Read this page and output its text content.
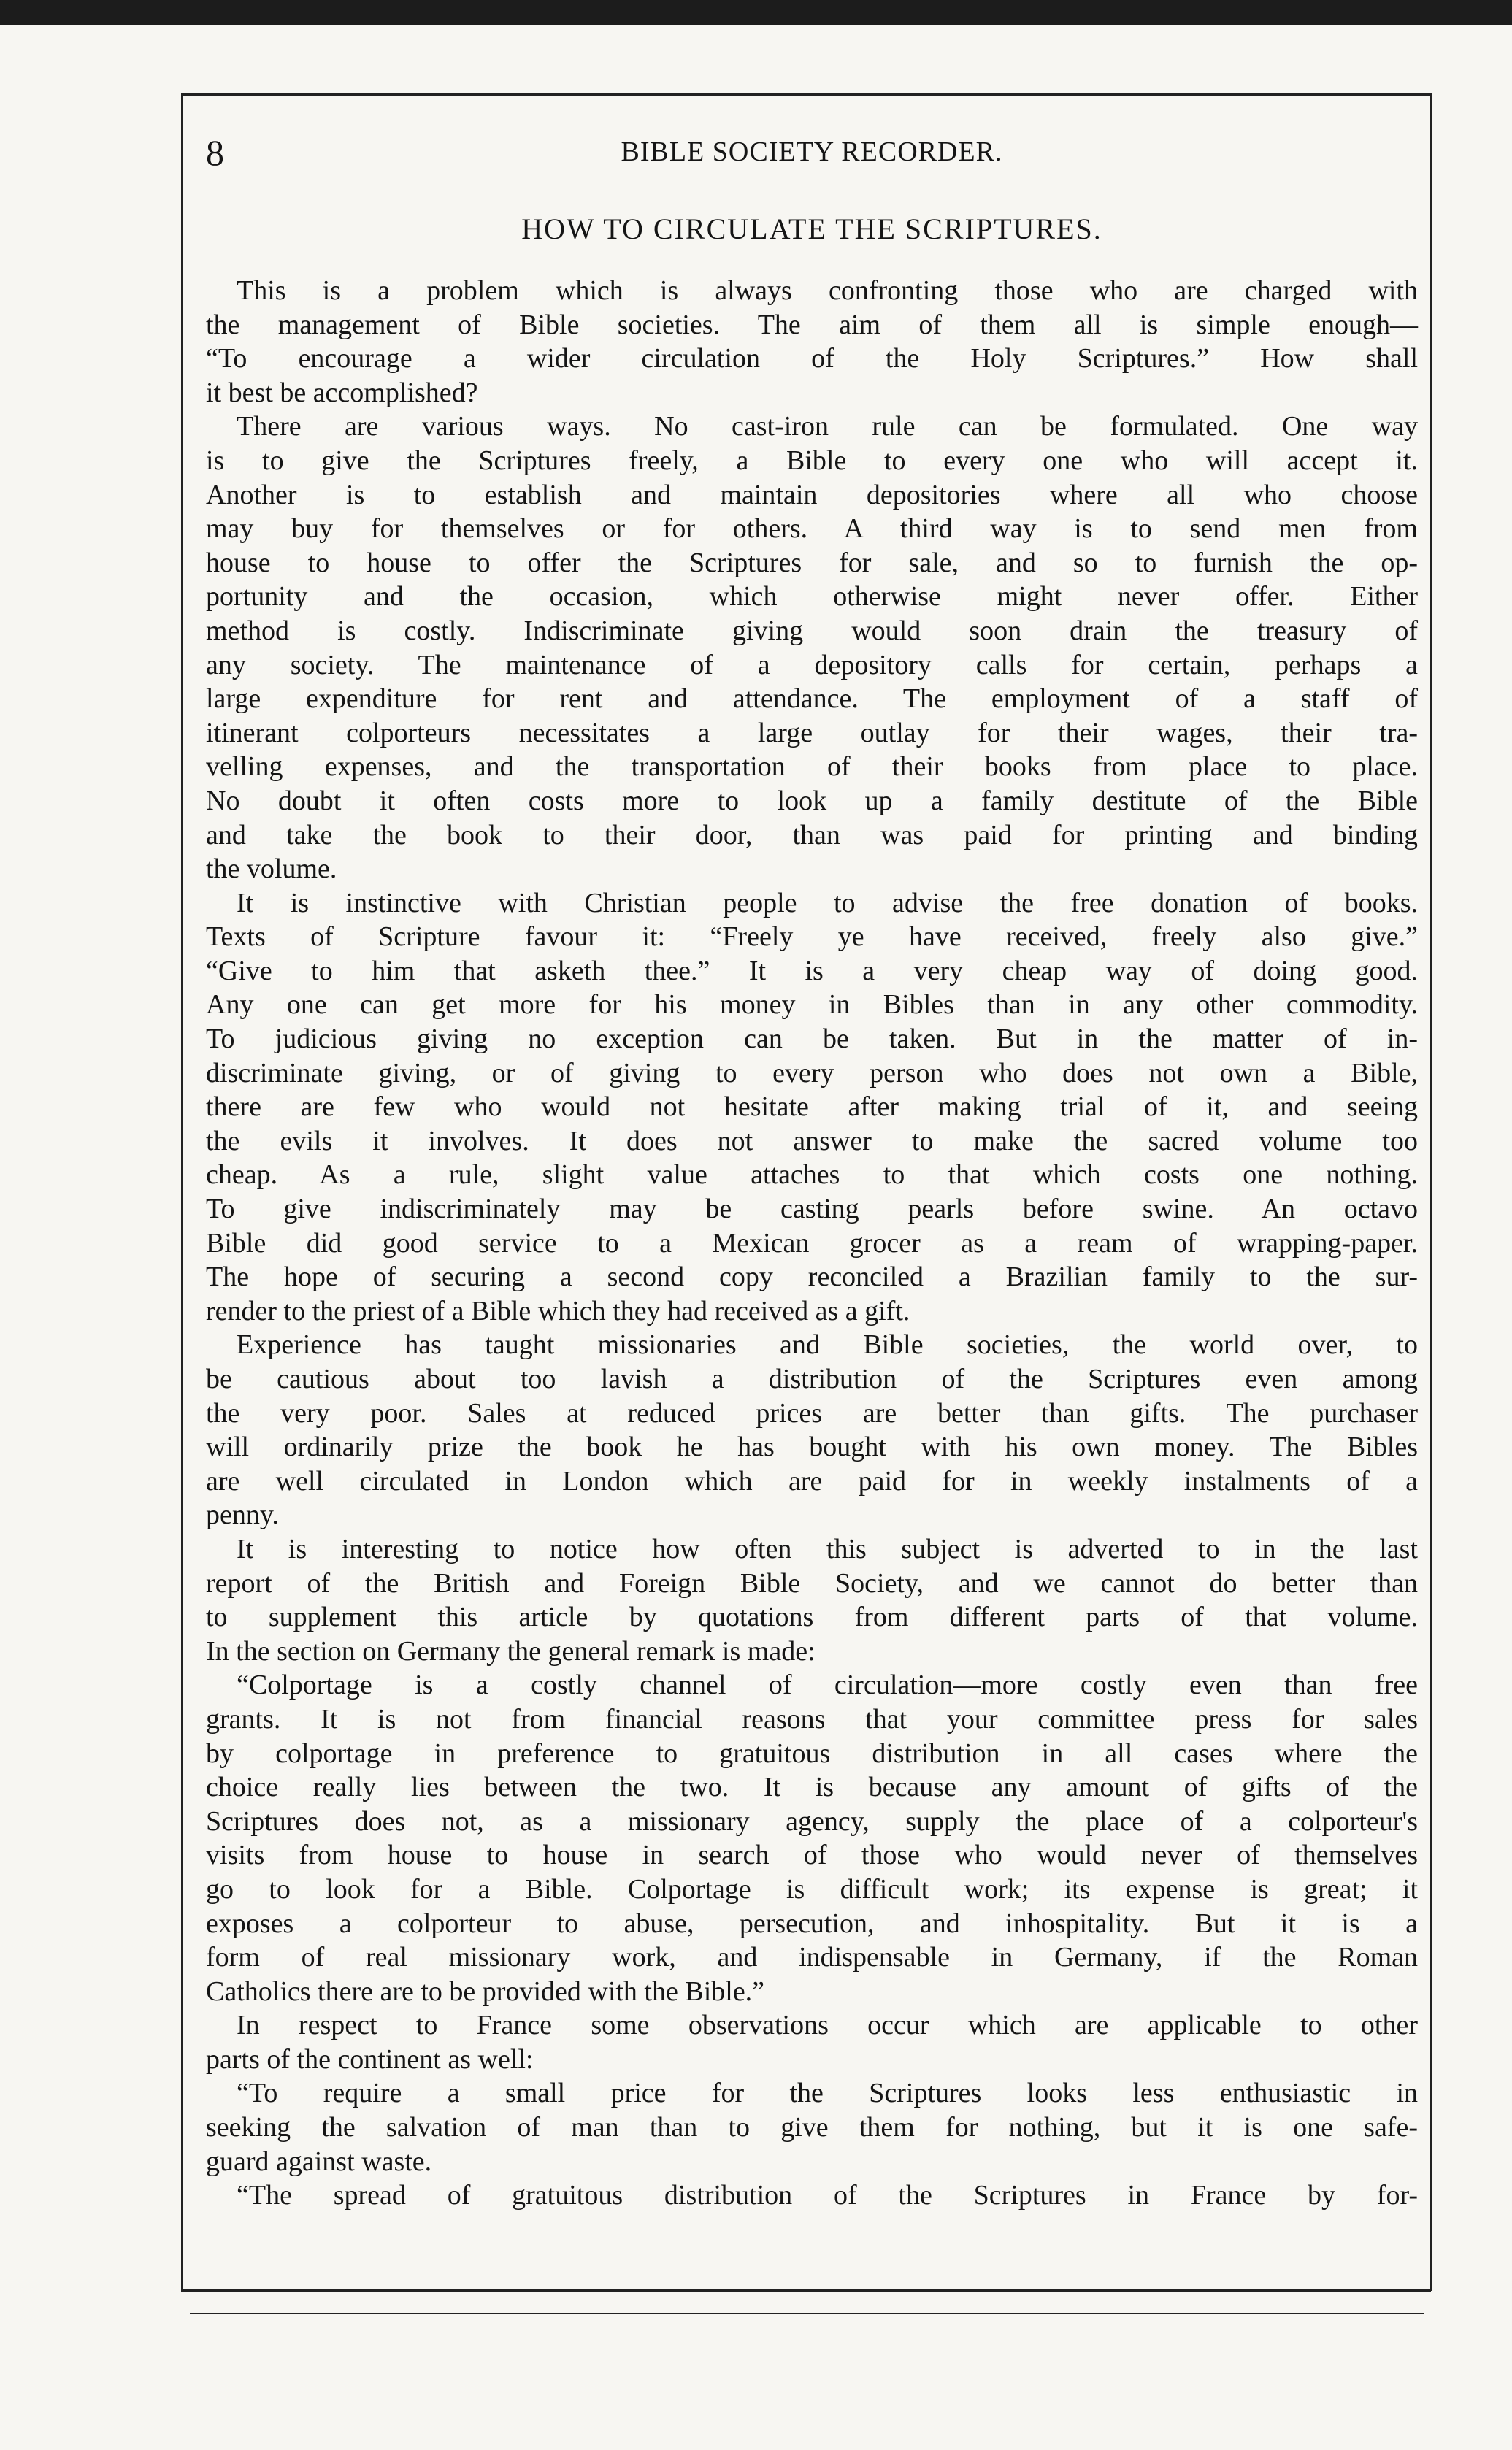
8	BIBLE SOCIETY RECORDER.
HOW TO CIRCULATE THE SCRIPTURES.
This is a problem which is always confronting those who are charged with
the management of Bible societies. The aim of them all is simple enough—
“To encourage a wider circulation of the Holy Scriptures.” How shall
it best be accomplished?
There are various ways. No cast-iron rule can be formulated. One way
is to give the Scriptures freely, a Bible to every one who will accept it.
Another is to establish and maintain depositories where all who choose
may buy for themselves or for others. A third way is to send men from
house to house to offer the Scriptures for sale, and so to furnish the op-
portunity and the occasion, which otherwise might never offer. Either
method is costly. Indiscriminate giving would soon drain the treasury of
any society. The maintenance of a depository calls for certain, perhaps a
large expenditure for rent and attendance. The employment of a staff of
itinerant colporteurs necessitates a large outlay for their wages, their tra-
velling expenses, and the transportation of their books from place to place.
No doubt it often costs more to look up a family destitute of the Bible
and take the book to their door, than was paid for printing and binding
the volume.
It is instinctive with Christian people to advise the free donation of books.
Texts of Scripture favour it: “Freely ye have received, freely also give.”
“Give to him that asketh thee.” It is a very cheap way of doing good.
Any one can get more for his money in Bibles than in any other commodity.
To judicious giving no exception can be taken. But in the matter of in-
discriminate giving, or of giving to every person who does not own a Bible,
there are few who would not hesitate after making trial of it, and seeing
the evils it involves. It does not answer to make the sacred volume too
cheap. As a rule, slight value attaches to that which costs one nothing.
To give indiscriminately may be casting pearls before swine. An octavo
Bible did good service to a Mexican grocer as a ream of wrapping-paper.
The hope of securing a second copy reconciled a Brazilian family to the sur-
render to the priest of a Bible which they had received as a gift.
Experience has taught missionaries and Bible societies, the world over, to
be cautious about too lavish a distribution of the Scriptures even among
the very poor. Sales at reduced prices are better than gifts. The purchaser
will ordinarily prize the book he has bought with his own money. The Bibles
are well circulated in London which are paid for in weekly instalments of a
penny.
It is interesting to notice how often this subject is adverted to in the last
report of the British and Foreign Bible Society, and we cannot do better than
to supplement this article by quotations from different parts of that volume.
In the section on Germany the general remark is made:
“Colportage is a costly channel of circulation—more costly even than free
grants. It is not from financial reasons that your committee press for sales
by colportage in preference to gratuitous distribution in all cases where the
choice really lies between the two. It is because any amount of gifts of the
Scriptures does not, as a missionary agency, supply the place of a colporteur's
visits from house to house in search of those who would never of themselves
go to look for a Bible. Colportage is difficult work; its expense is great; it
exposes a colporteur to abuse, persecution, and inhospitality. But it is a
form of real missionary work, and indispensable in Germany, if the Roman
Catholics there are to be provided with the Bible.”
In respect to France some observations occur which are applicable to other
parts of the continent as well:
“To require a small price for the Scriptures looks less enthusiastic in
seeking the salvation of man than to give them for nothing, but it is one safe-
guard against waste.
“The spread of gratuitous distribution of the Scriptures in France by for-
